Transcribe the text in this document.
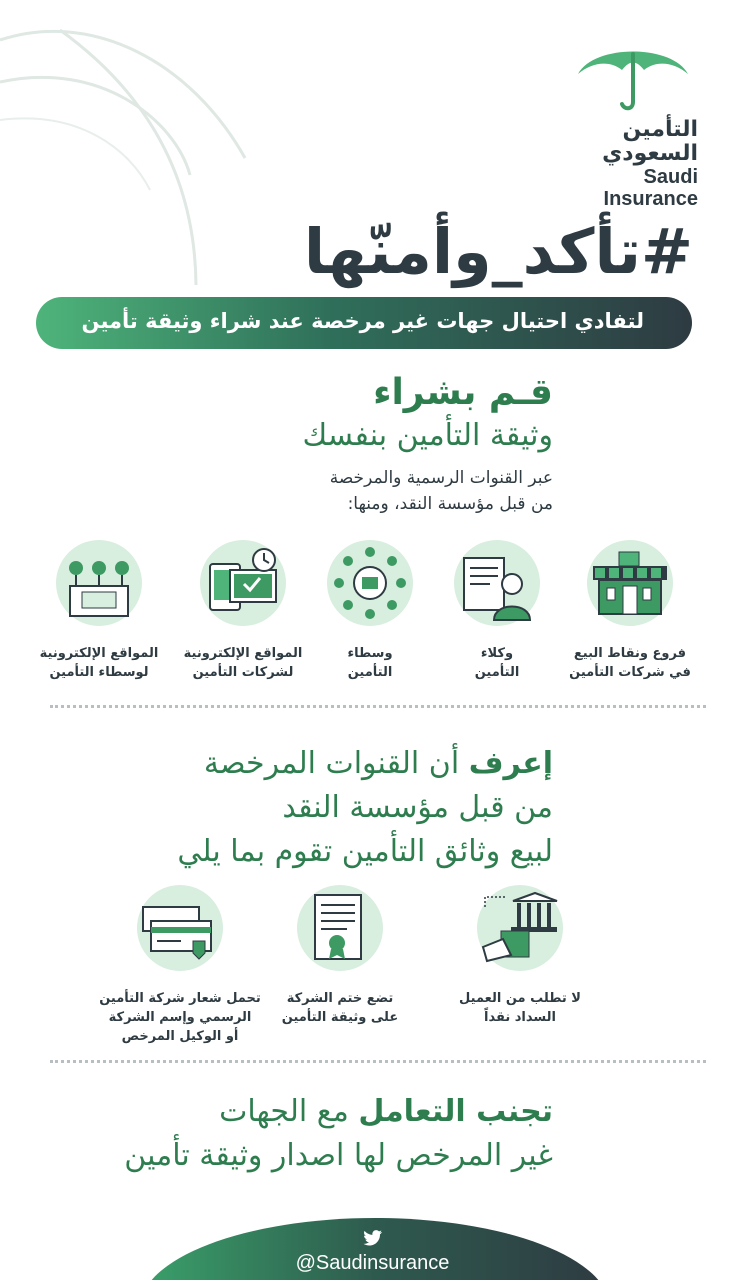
التأمين السعودي
Saudi Insurance
#تأكد_وأمنّها
لتفادي احتيال جهات غير مرخصة عند شراء وثيقة تأمين
قـم بشراء
وثيقة التأمين بنفسك
عبر القنوات الرسمية والمرخصة
من قبل مؤسسة النقد، ومنها:
فروع ونقاط البيع
في شركات التأمين
وكلاء
التأمين
وسطاء
التأمين
المواقع الإلكترونية
لشركات التأمين
المواقع الإلكترونية
لوسطاء التأمين
إعرف أن القنوات المرخصة
من قبل مؤسسة النقد
لبيع وثائق التأمين تقوم بما يلي
لا تطلب من العميل
السداد نقداً
تضع ختم الشركة
على وثيقة التأمين
تحمل شعار شركة التأمين
الرسمي وإسم الشركة
أو الوكيل المرخص
تجنب التعامل مع الجهات
غير المرخص لها اصدار وثيقة تأمين
@Saudinsurance
